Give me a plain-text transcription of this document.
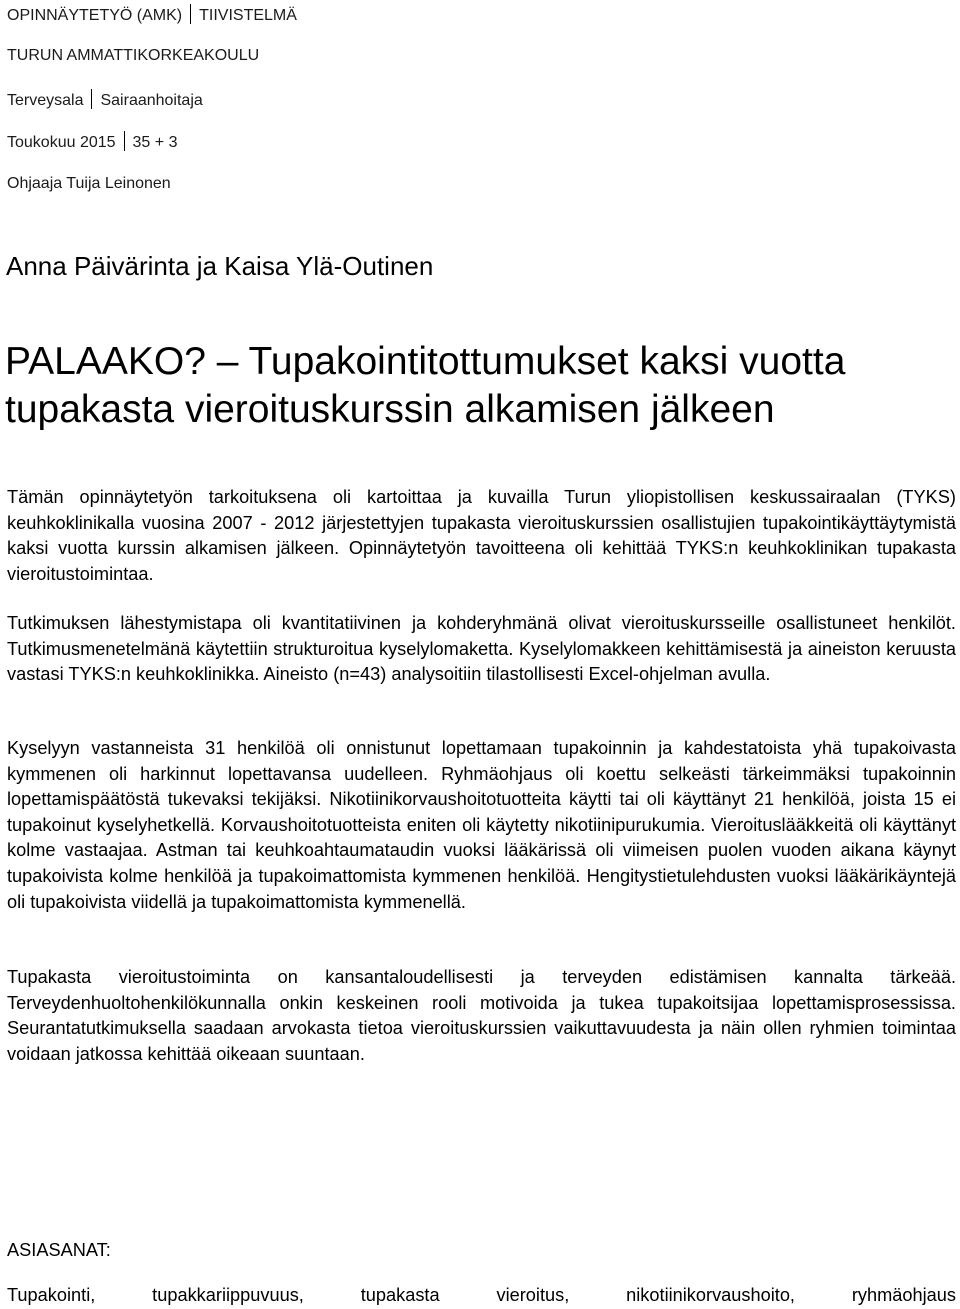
OPINNÄYTETYÖ (AMK) TIIVISTELMÄ
TURUN AMMATTIKORKEAKOULU
Terveysala Sairaanhoitaja
Toukokuu 2015 35 + 3
Ohjaaja Tuija Leinonen
Anna Päivärinta ja Kaisa Ylä-Outinen
PALAAKO? – Tupakointitottumukset kaksi vuotta tupakasta vieroituskurssin alkamisen jälkeen

Tämän opinnäytetyön tarkoituksena oli kartoittaa ja kuvailla Turun yliopistollisen keskussairaalan (TYKS) keuhkoklinikalla vuosina 2007 - 2012 järjestettyjen tupakasta vieroituskurssien osallistujien tupakointikäyttäytymistä kaksi vuotta kurssin alkamisen jälkeen. Opinnäytetyön tavoitteena oli kehittää TYKS:n keuhkoklinikan tupakasta vieroitustoimintaa.

Tutkimuksen lähestymistapa oli kvantitatiivinen ja kohderyhmänä olivat vieroituskursseille osallistuneet henkilöt. Tutkimusmenetelmänä käytettiin strukturoitua kyselylomaketta. Kyselylomakkeen kehittämisestä ja aineiston keruusta vastasi TYKS:n keuhkoklinikka. Aineisto (n=43) analysoitiin tilastollisesti Excel-ohjelman avulla.

Kyselyyn vastanneista 31 henkilöä oli onnistunut lopettamaan tupakoinnin ja kahdestatoista yhä tupakoivasta kymmenen oli harkinnut lopettavansa uudelleen. Ryhmäohjaus oli koettu selkeästi tärkeimmäksi tupakoinnin lopettamispäätöstä tukevaksi tekijäksi. Nikotiinikorvaushoitotuotteita käytti tai oli käyttänyt 21 henkilöä, joista 15 ei tupakoinut kyselyhetkellä. Korvaushoitotuotteista eniten oli käytetty nikotiinipurukumia. Vieroituslääkkeitä oli käyttänyt kolme vastaajaa. Astman tai keuhkoahtaumataudin vuoksi lääkärissä oli viimeisen puolen vuoden aikana käynyt tupakoivista kolme henkilöä ja tupakoimattomista kymmenen henkilöä. Hengitystietulehdusten vuoksi lääkärikäyntejä oli tupakoivista viidellä ja tupakoimattomista kymmenellä.

Tupakasta vieroitustoiminta on kansantaloudellisesti ja terveyden edistämisen kannalta tärkeää. Terveydenhuoltohenkilökunnalla onkin keskeinen rooli motivoida ja tukea tupakoitsijaa lopettamisprosessissa. Seurantatutkimuksella saadaan arvokasta tietoa vieroituskurssien vaikuttavuudesta ja näin ollen ryhmien toimintaa voidaan jatkossa kehittää oikeaan suuntaan.

ASIASANAT:
Tupakointi, tupakkariippuvuus, tupakasta vieroitus, nikotiinikorvaushoito, ryhmäohjaus
